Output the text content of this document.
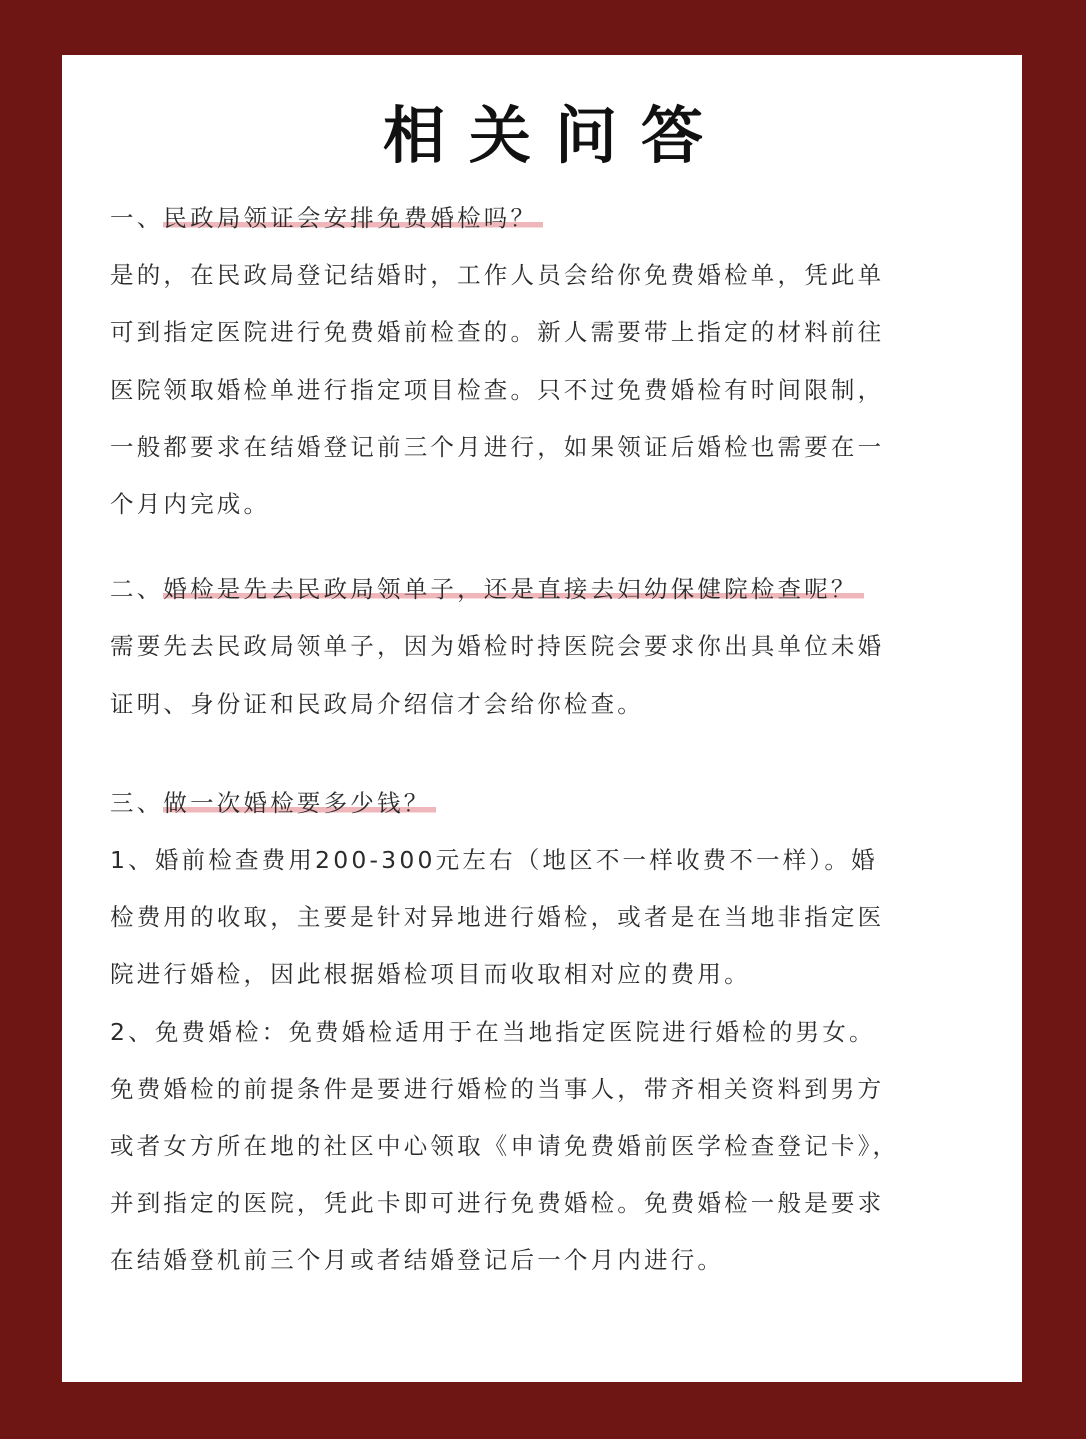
相关问答

一、民政局领证会安排免费婚检吗？

是的，在民政局登记结婚时，工作人员会给你免费婚检单，凭此单

可到指定医院进行免费婚前检查的。新人需要带上指定的材料前往

医院领取婚检单进行指定项目检查。只不过免费婚检有时间限制，

一般都要求在结婚登记前三个月进行，如果领证后婚检也需要在一

个月内完成。

二、婚检是先去民政局领单子，还是直接去妇幼保健院检查呢？

需要先去民政局领单子，因为婚检时持医院会要求你出具单位未婚

证明、身份证和民政局介绍信才会给你检查。

三、做一次婚检要多少钱？

1、婚前检查费用200-300元左右（地区不一样收费不一样）。婚

检费用的收取，主要是针对异地进行婚检，或者是在当地非指定医

院进行婚检，因此根据婚检项目而收取相对应的费用。

2、免费婚检：免费婚检适用于在当地指定医院进行婚检的男女。

免费婚检的前提条件是要进行婚检的当事人，带齐相关资料到男方

或者女方所在地的社区中心领取《申请免费婚前医学检查登记卡》，

并到指定的医院，凭此卡即可进行免费婚检。免费婚检一般是要求

在结婚登机前三个月或者结婚登记后一个月内进行。
